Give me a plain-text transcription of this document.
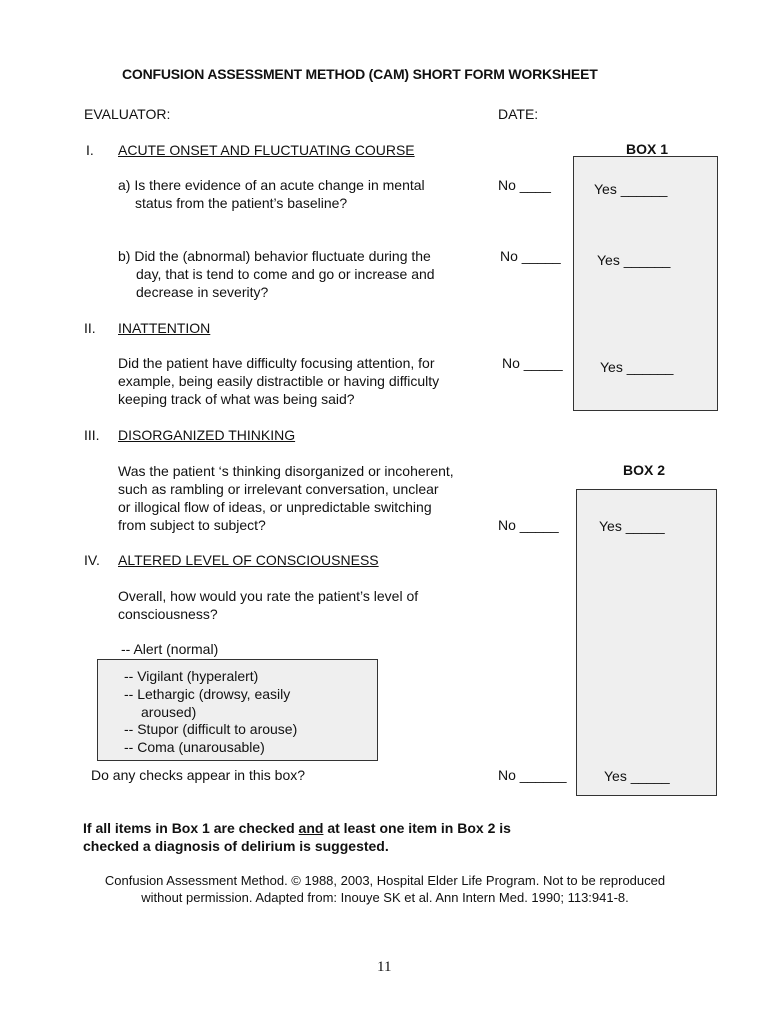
CONFUSION ASSESSMENT METHOD (CAM) SHORT FORM WORKSHEET
EVALUATOR:	DATE:
BOX 1
BOX 2
I. ACUTE ONSET AND FLUCTUATING COURSE
a) Is there evidence of an acute change in mental
status from the patient’s baseline?
No ____	Yes ______
b) Did the (abnormal) behavior fluctuate during the
day, that is tend to come and go or increase and
decrease in severity?
No _____	Yes ______
II. INATTENTION
Did the patient have difficulty focusing attention, for
example, being easily distractible or having difficulty
keeping track of what was being said?
No _____	Yes ______
III. DISORGANIZED THINKING
Was the patient ‘s thinking disorganized or incoherent,
such as rambling or irrelevant conversation, unclear
or illogical flow of ideas, or unpredictable switching
from subject to subject?	No _____	Yes _____
IV. ALTERED LEVEL OF CONSCIOUSNESS
Overall, how would you rate the patient’s level of
consciousness?
-- Alert (normal)
-- Vigilant (hyperalert)
-- Lethargic (drowsy, easily
aroused)
-- Stupor (difficult to arouse)
-- Coma (unarousable)
Do any checks appear in this box?	No ______	Yes _____
If all items in Box 1 are checked and at least one item in Box 2 is
checked a diagnosis of delirium is suggested.
Confusion Assessment Method. © 1988, 2003, Hospital Elder Life Program. Not to be reproduced
without permission. Adapted from: Inouye SK et al. Ann Intern Med. 1990; 113:941-8.
11
